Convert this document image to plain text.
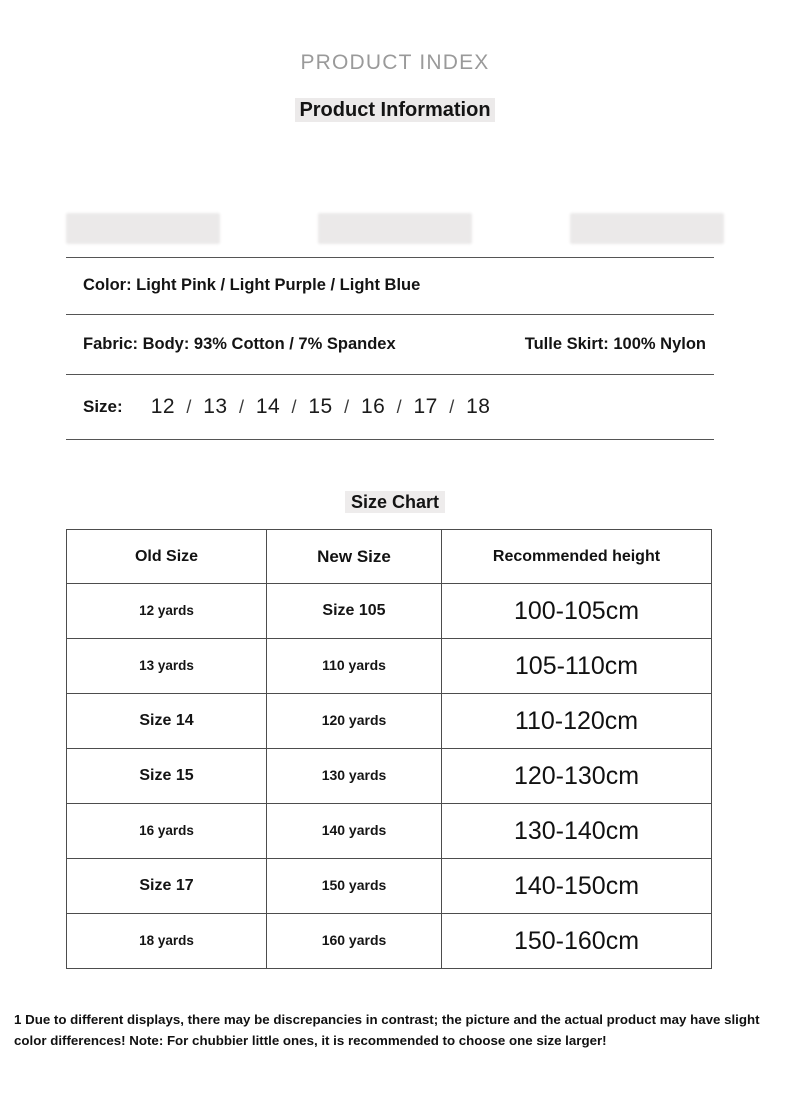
PRODUCT INDEX
Product Information
Color: Light Pink / Light Purple / Light Blue
Fabric: Body: 93% Cotton / 7% Spandex	Tulle Skirt: 100% Nylon
Size: 12 / 13 / 14 / 15 / 16 / 17 / 18
Size Chart
Old Size	New Size	Recommended height
12 yards	Size 105	100-105cm
13 yards	110 yards	105-110cm
Size 14	120 yards	110-120cm
Size 15	130 yards	120-130cm
16 yards	140 yards	130-140cm
Size 17	150 yards	140-150cm
18 yards	160 yards	150-160cm
1 Due to different displays, there may be discrepancies in contrast; the picture and the actual product may have slight color differences! Note: For chubbier little ones, it is recommended to choose one size larger!
